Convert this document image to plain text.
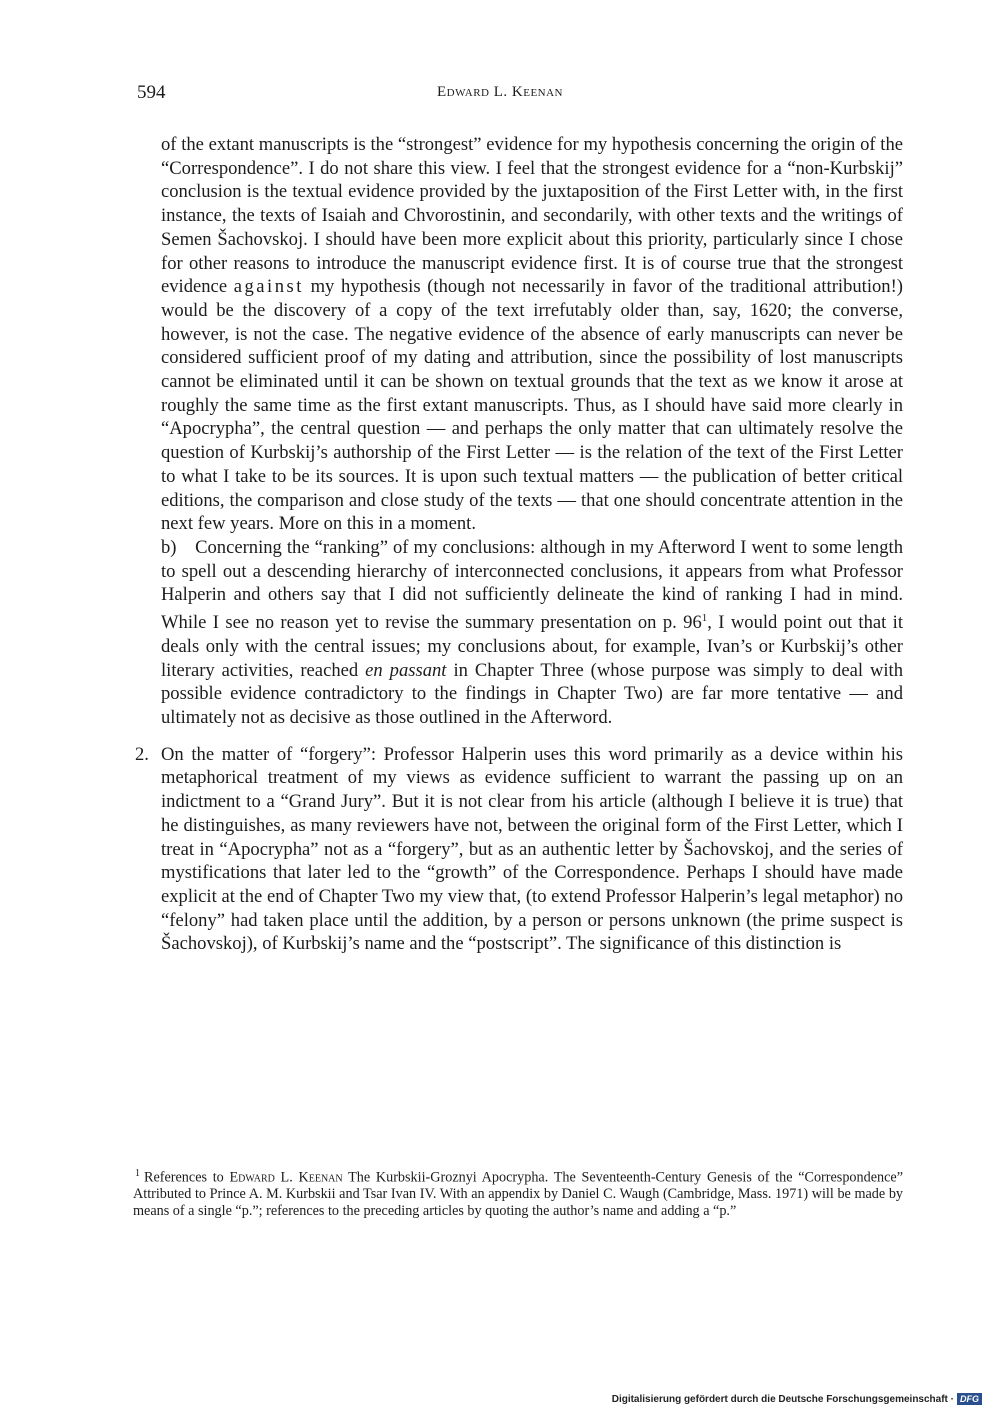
594	Edward L. Keenan

of the extant manuscripts is the “strongest” evidence for my hypothesis concerning the origin of the “Correspondence”. I do not share this view. I feel that the strongest evidence for a “non-Kurbskij” conclusion is the textual evidence provided by the juxtaposition of the First Letter with, in the first instance, the texts of Isaiah and Chvorostinin, and secondarily, with other texts and the writings of Semen Šachovskoj. I should have been more explicit about this priority, particularly since I chose for other reasons to introduce the manuscript evidence first. It is of course true that the strongest evidence against my hypothesis (though not necessarily in favor of the traditional attribution!) would be the discovery of a copy of the text irrefutably older than, say, 1620; the converse, however, is not the case. The negative evidence of the absence of early manuscripts can never be considered sufficient proof of my dating and attribution, since the possibility of lost manuscripts cannot be eliminated until it can be shown on textual grounds that the text as we know it arose at roughly the same time as the first extant manuscripts. Thus, as I should have said more clearly in “Apocrypha”, the central question — and perhaps the only matter that can ultimately resolve the question of Kurbskij’s authorship of the First Letter — is the relation of the text of the First Letter to what I take to be its sources. It is upon such textual matters — the publication of better critical editions, the comparison and close study of the texts — that one should concentrate attention in the next few years. More on this in a moment.

b) Concerning the “ranking” of my conclusions: although in my Afterword I went to some length to spell out a descending hierarchy of interconnected conclusions, it appears from what Professor Halperin and others say that I did not sufficiently delineate the kind of ranking I had in mind. While I see no reason yet to revise the summary presentation on p. $96^1$, I would point out that it deals only with the central issues; my conclusions about, for example, Ivan’s or Kurbskij’s other literary activities, reached en passant in Chapter Three (whose purpose was simply to deal with possible evidence contradictory to the findings in Chapter Two) are far more tentative — and ultimately not as decisive as those outlined in the Afterword.

2. On the matter of “forgery”: Professor Halperin uses this word primarily as a device within his metaphorical treatment of my views as evidence sufficient to warrant the passing up on an indictment to a “Grand Jury”. But it is not clear from his article (although I believe it is true) that he distinguishes, as many reviewers have not, between the original form of the First Letter, which I treat in “Apocrypha” not as a “forgery”, but as an authentic letter by Šachovskoj, and the series of mystifications that later led to the “growth” of the Correspondence. Perhaps I should have made explicit at the end of Chapter Two my view that, (to extend Professor Halperin’s legal metaphor) no “felony” had taken place until the addition, by a person or persons unknown (the prime suspect is Šachovskoj), of Kurbskij’s name and the “postscript”. The significance of this distinction is

$^1$ References to Edward L. Keenan The Kurbskii-Groznyi Apocrypha. The Seventeenth-Century Genesis of the “Correspondence” Attributed to Prince A. M. Kurbskii and Tsar Ivan IV. With an appendix by Daniel C. Waugh (Cambridge, Mass. 1971) will be made by means of a single “p.”; references to the preceding articles by quoting the author’s name and adding a “p.”
Digitalisierung gefördert durch die Deutsche Forschungsgemeinschaft · DFG
